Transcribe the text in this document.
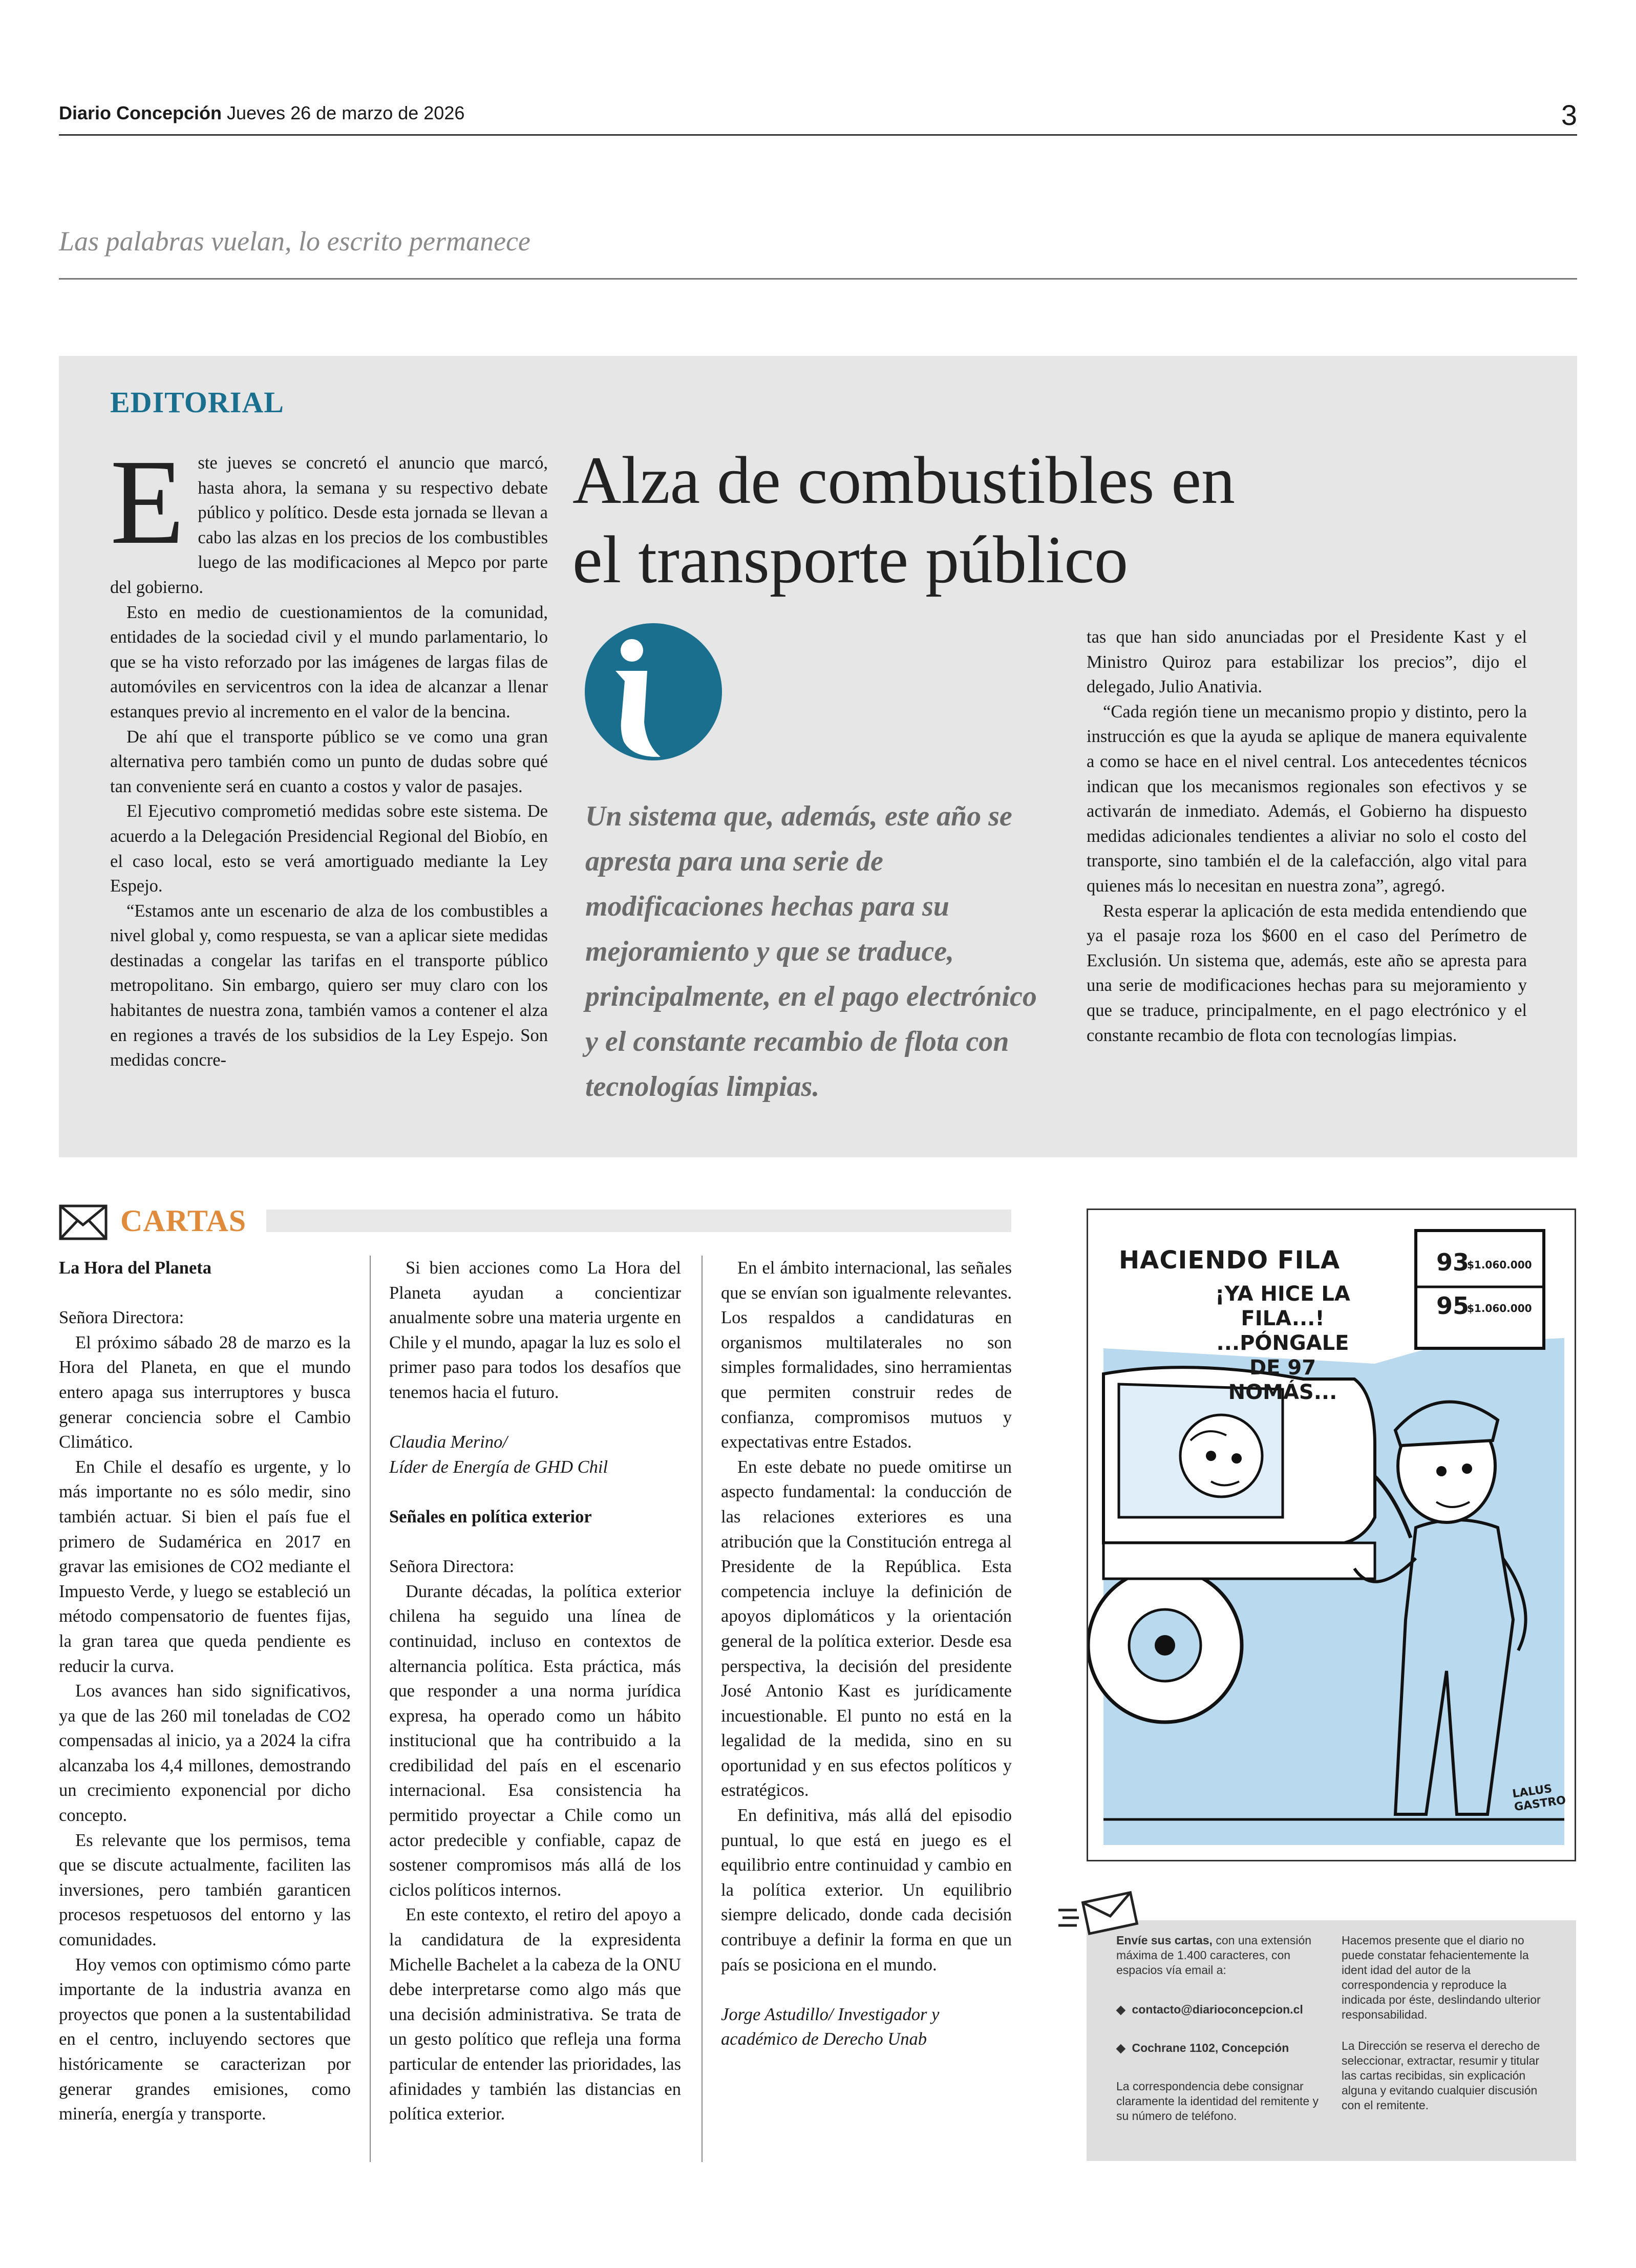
Diario Concepción Jueves 26 de marzo de 2026	3
Las palabras vuelan, lo escrito permanece
EDITORIAL
E ste jueves se concretó el anuncio que marcó, hasta ahora, la semana y su respectivo debate público y político. Desde esta jornada se llevan a cabo las alzas en los precios de los combustibles luego de las modificaciones al Mepco por parte del gobierno.

Esto en medio de cuestionamientos de la comunidad, entidades de la sociedad civil y el mundo parlamentario, lo que se ha visto reforzado por las imágenes de largas filas de automóviles en servicentros con la idea de alcanzar a llenar estanques previo al incremento en el valor de la bencina.

De ahí que el transporte público se ve como una gran alternativa pero también como un punto de dudas sobre qué tan conveniente será en cuanto a costos y valor de pasajes.

El Ejecutivo comprometió medidas sobre este sistema. De acuerdo a la Delegación Presidencial Regional del Biobío, en el caso local, esto se verá amortiguado mediante la Ley Espejo.

“Estamos ante un escenario de alza de los combustibles a nivel global y, como respuesta, se van a aplicar siete medidas destinadas a congelar las tarifas en el transporte público metropolitano. Sin embargo, quiero ser muy claro con los habitantes de nuestra zona, también vamos a contener el alza en regiones a través de los subsidios de la Ley Espejo. Son medidas concre-

Alza de combustibles en el transporte público
Un sistema que, además, este año se apresta para una serie de modificaciones hechas para su mejoramiento y que se traduce, principalmente, en el pago electrónico y el constante recambio de flota con tecnologías limpias.

tas que han sido anunciadas por el Presidente Kast y el Ministro Quiroz para estabilizar los precios”, dijo el delegado, Julio Anativia.

“Cada región tiene un mecanismo propio y distinto, pero la instrucción es que la ayuda se aplique de manera equivalente a como se hace en el nivel central. Los antecedentes técnicos indican que los mecanismos regionales son efectivos y se activarán de inmediato. Además, el Gobierno ha dispuesto medidas adicionales tendientes a aliviar no solo el costo del transporte, sino también el de la calefacción, algo vital para quienes más lo necesitan en nuestra zona”, agregó.

Resta esperar la aplicación de esta medida entendiendo que ya el pasaje roza los $600 en el caso del Perímetro de Exclusión. Un sistema que, además, este año se apresta para una serie de modificaciones hechas para su mejoramiento y que se traduce, principalmente, en el pago electrónico y el constante recambio de flota con tecnologías limpias.

CARTAS

La Hora del Planeta

Señora Directora:

El próximo sábado 28 de marzo es la Hora del Planeta, en que el mundo entero apaga sus interruptores y busca generar conciencia sobre el Cambio Climático.

En Chile el desafío es urgente, y lo más importante no es sólo medir, sino también actuar. Si bien el país fue el primero de Sudamérica en 2017 en gravar las emisiones de CO2 mediante el Impuesto Verde, y luego se estableció un método compensatorio de fuentes fijas, la gran tarea que queda pendiente es reducir la curva.

Los avances han sido significativos, ya que de las 260 mil toneladas de CO2 compensadas al inicio, ya a 2024 la cifra alcanzaba los 4,4 millones, demostrando un crecimiento exponencial por dicho concepto.

Es relevante que los permisos, tema que se discute actualmente, faciliten las inversiones, pero también garanticen procesos respetuosos del entorno y las comunidades.

Hoy vemos con optimismo cómo parte importante de la industria avanza en proyectos que ponen a la sustentabilidad en el centro, incluyendo sectores que históricamente se caracterizan por generar grandes emisiones, como minería, energía y transporte.

Si bien acciones como La Hora del Planeta ayudan a concientizar anualmente sobre una materia urgente en Chile y el mundo, apagar la luz es solo el primer paso para todos los desafíos que tenemos hacia el futuro.

Claudia Merino/

Líder de Energía de GHD Chil

Señales en política exterior

Señora Directora:

Durante décadas, la política exterior chilena ha seguido una línea de continuidad, incluso en contextos de alternancia política. Esta práctica, más que responder a una norma jurídica expresa, ha operado como un hábito institucional que ha contribuido a la credibilidad del país en el escenario internacional. Esa consistencia ha permitido proyectar a Chile como un actor predecible y confiable, capaz de sostener compromisos más allá de los ciclos políticos internos.

En este contexto, el retiro del apoyo a la candidatura de la expresidenta Michelle Bachelet a la cabeza de la ONU debe interpretarse como algo más que una decisión administrativa. Se trata de un gesto político que refleja una forma particular de entender las prioridades, las afinidades y también las distancias en política exterior.

En el ámbito internacional, las señales que se envían son igualmente relevantes. Los respaldos a candidaturas en organismos multilaterales no son simples formalidades, sino herramientas que permiten construir redes de confianza, compromisos mutuos y expectativas entre Estados.

En este debate no puede omitirse un aspecto fundamental: la conducción de las relaciones exteriores es una atribución que la Constitución entrega al Presidente de la República. Esta competencia incluye la definición de apoyos diplomáticos y la orientación general de la política exterior. Desde esa perspectiva, la decisión del presidente José Antonio Kast es jurídicamente incuestionable. El punto no está en la legalidad de la medida, sino en su oportunidad y en sus efectos políticos y estratégicos.

En definitiva, más allá del episodio puntual, lo que está en juego es el equilibrio entre continuidad y cambio en la política exterior. Un equilibrio siempre delicado, donde cada decisión contribuye a definir la forma en que un país se posiciona en el mundo.

Jorge Astudillo/ Investigador y

académico de Derecho Unab

HACIENDO FILA
¡YA HICE LA FILA...! ...PÓNGALE DE 97 NOMÁS...
93
$1.060.000
95
$1.060.000
LALUS GASTRO

Envíe sus cartas, con una extensión máxima de 1.400 caracteres, con espacios vía email a:

◆ contacto@diarioconcepcion.cl

◆ Cochrane 1102, Concepción

La correspondencia debe consignar claramente la identidad del remitente y su número de teléfono.

Hacemos presente que el diario no puede constatar fehacientemente la ident idad del autor de la correspondencia y reproduce la indicada por éste, deslindando ulterior responsabilidad.

La Dirección se reserva el derecho de seleccionar, extractar, resumir y titular las cartas recibidas, sin explicación alguna y evitando cualquier discusión con el remitente.
